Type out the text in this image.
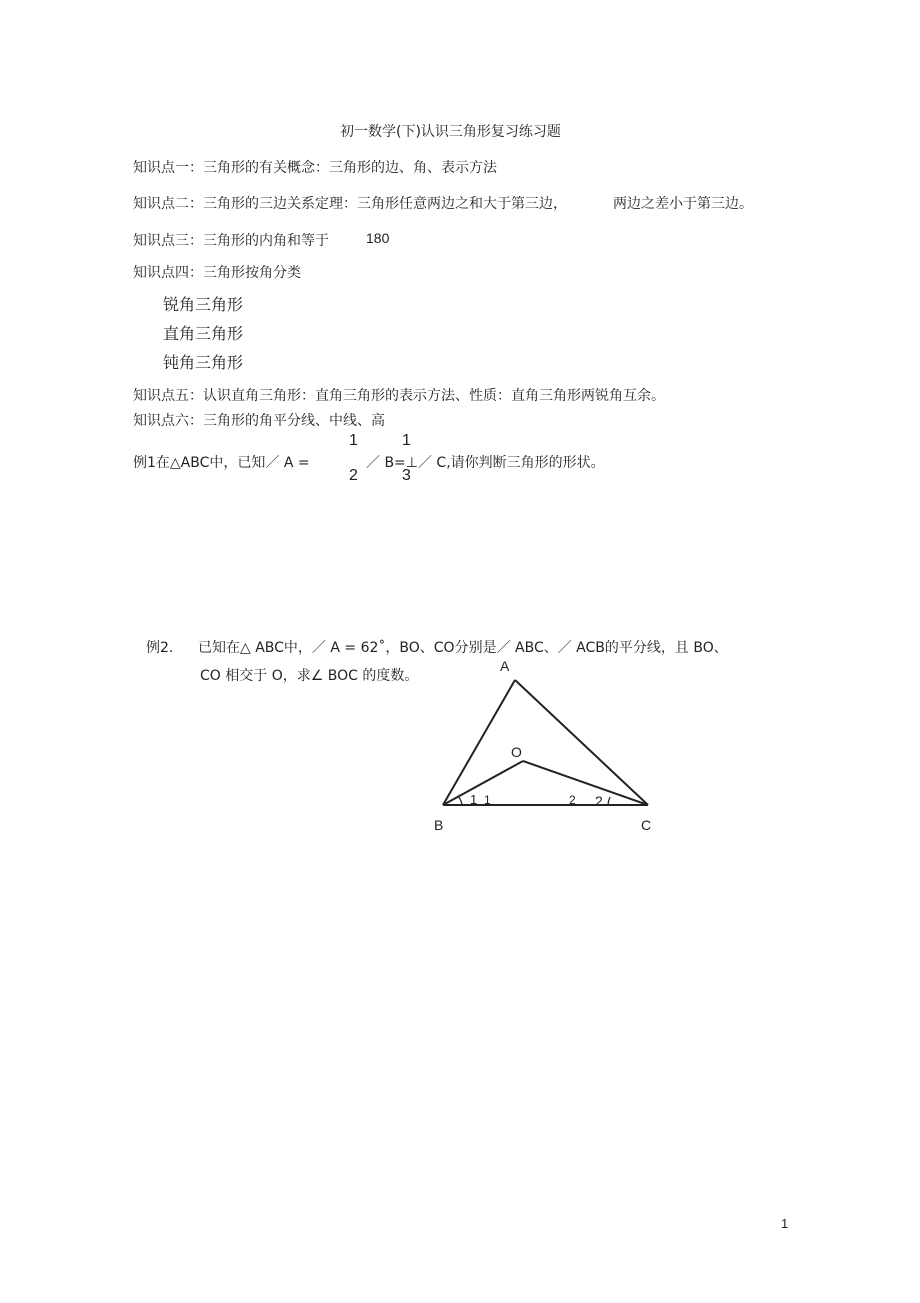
初一数学(下)认识三角形复习练习题
知识点一：三角形的有关概念：三角形的边、角、表示方法
知识点二：三角形的三边关系定理：三角形任意两边之和大于第三边，	两边之差小于第三边。
知识点三：三角形的内角和等于	180
知识点四：三角形按角分类
锐角三角形
直角三角形
钝角三角形
知识点五：认识直角三角形：直角三角形的表示方法、性质：直角三角形两锐角互余。
知识点六：三角形的角平分线、中线、高
例1在△ABC中，已知／ A =
1
2
／ B=⊥／ C,请你判断三角形的形状。
1
3
例2. 已知在△ ABC中，／ A = 62˚，BO、CO分别是／ ABC、／ ACB的平分线，且 BO、
CO 相交于 O，求∠ BOC 的度数。
A
O
B	C
1 1	2 2
1
